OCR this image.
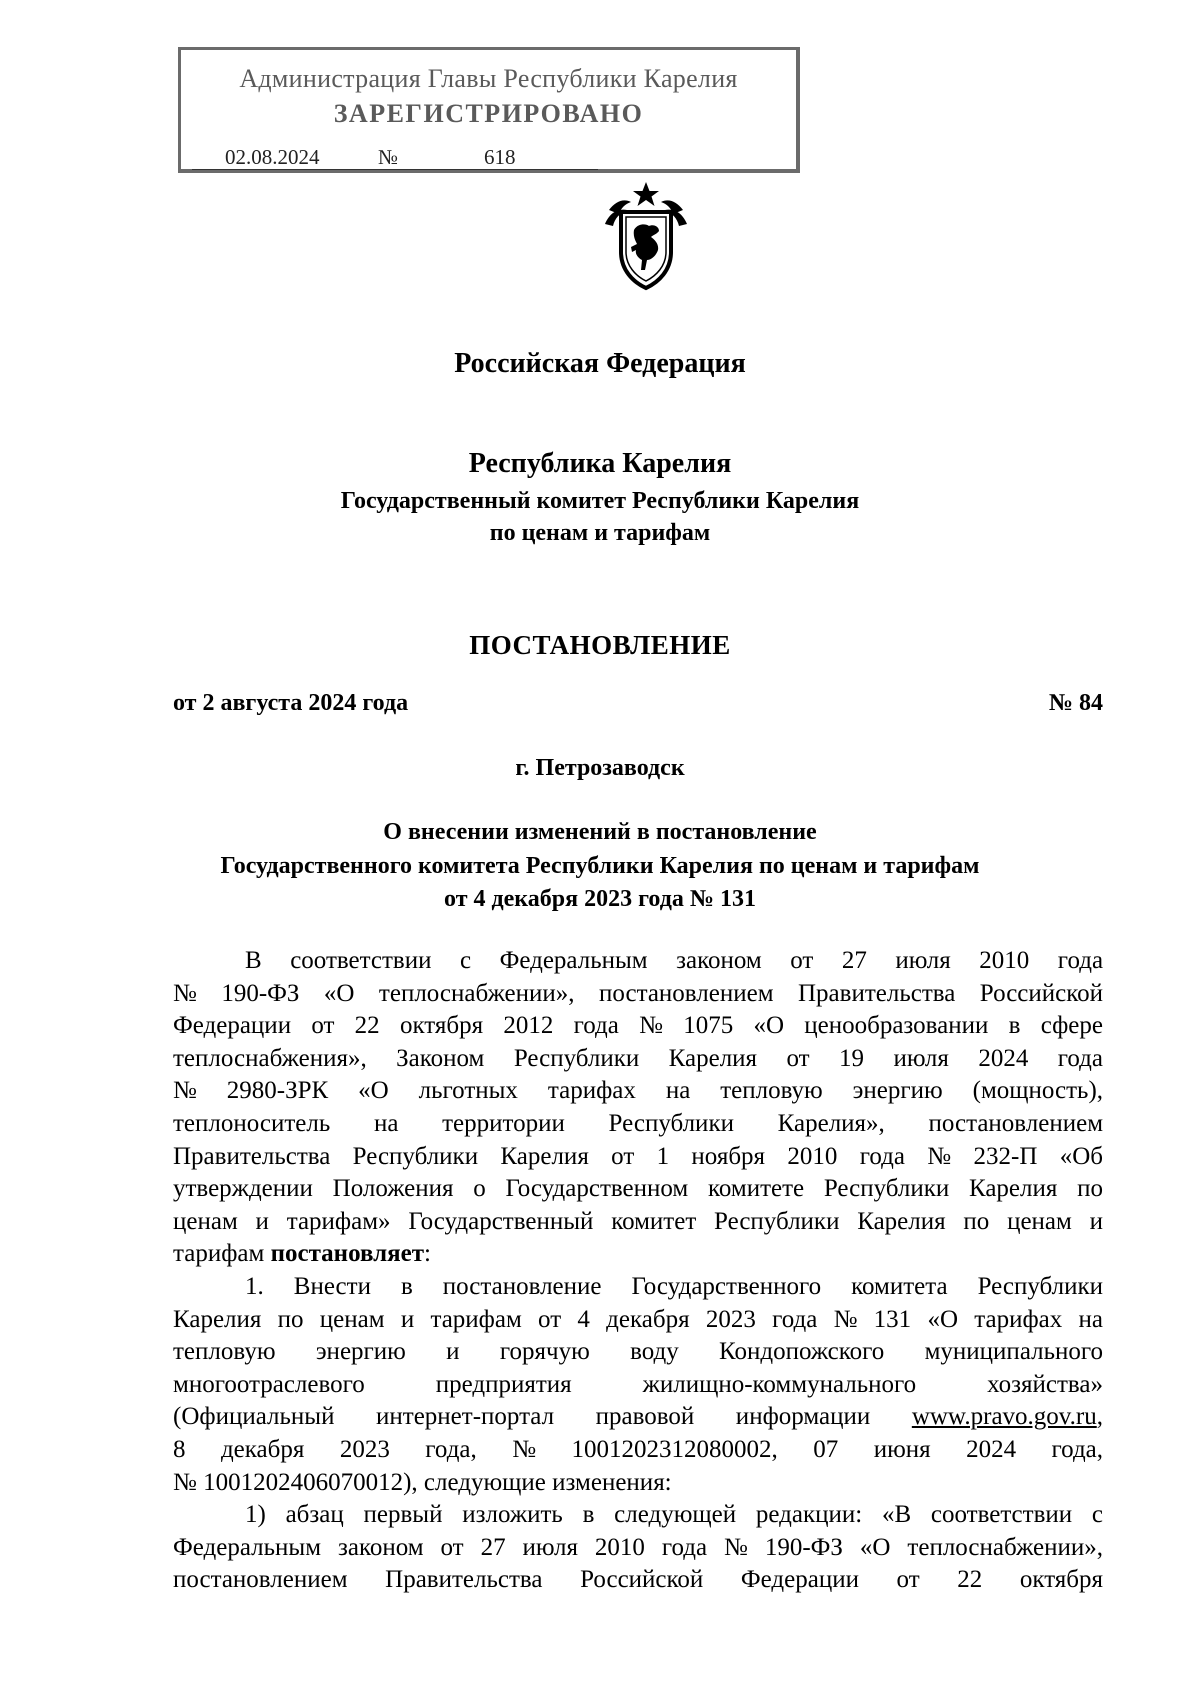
Администрация Главы Республики Карелия
ЗАРЕГИСТРИРОВАНО
02.08.2024	№	618
Российская Федерация
Республика Карелия
Государственный комитет Республики Карелия
по ценам и тарифам
ПОСТАНОВЛЕНИЕ
от 2 августа 2024 года	№ 84
г. Петрозаводск
О внесении изменений в постановление
Государственного комитета Республики Карелия по ценам и тарифам
от 4 декабря 2023 года № 131
В соответствии с Федеральным законом от 27 июля 2010 года
№ 190-ФЗ «О теплоснабжении», постановлением Правительства Российской
Федерации от 22 октября 2012 года № 1075 «О ценообразовании в сфере
теплоснабжения», Законом Республики Карелия от 19 июля 2024 года
№ 2980-ЗРК «О льготных тарифах на тепловую энергию (мощность),
теплоноситель на территории Республики Карелия», постановлением
Правительства Республики Карелия от 1 ноября 2010 года № 232-П «Об
утверждении Положения о Государственном комитете Республики Карелия по
ценам и тарифам» Государственный комитет Республики Карелия по ценам и
тарифам постановляет:
1. Внести в постановление Государственного комитета Республики
Карелия по ценам и тарифам от 4 декабря 2023 года № 131 «О тарифах на
тепловую энергию и горячую воду Кондопожского муниципального
многоотраслевого предприятия жилищно-коммунального хозяйства»
(Официальный интернет-портал правовой информации www.pravo.gov.ru,
8 декабря 2023 года, № 1001202312080002, 07 июня 2024 года,
№ 1001202406070012), следующие изменения:
1) абзац первый изложить в следующей редакции: «В соответствии с
Федеральным законом от 27 июля 2010 года № 190-ФЗ «О теплоснабжении»,
постановлением Правительства Российской Федерации от 22 октября
